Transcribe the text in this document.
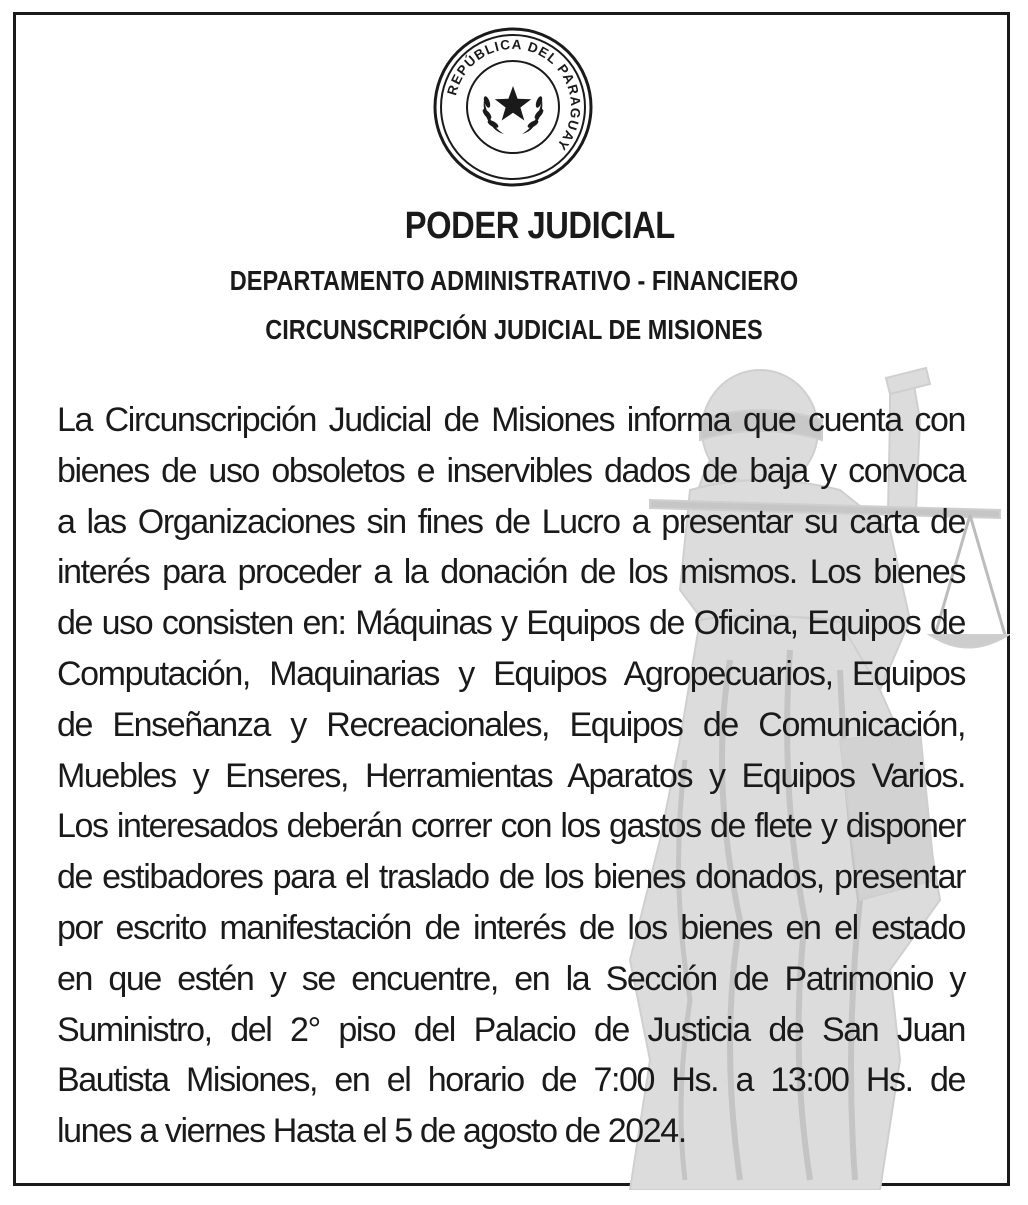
REPÚBLICA DEL PARAGUAY
PODER JUDICIAL
DEPARTAMENTO ADMINISTRATIVO - FINANCIERO
CIRCUNSCRIPCIÓN JUDICIAL DE MISIONES
La Circunscripción Judicial de Misiones informa que cuenta con
bienes de uso obsoletos e inservibles dados de baja y convoca
a las Organizaciones sin fines de Lucro a presentar su carta de
interés para proceder a la donación de los mismos. Los bienes
de uso consisten en: Máquinas y Equipos de Oficina, Equipos de
Computación, Maquinarias y Equipos Agropecuarios, Equipos
de Enseñanza y Recreacionales, Equipos de Comunicación,
Muebles y Enseres, Herramientas Aparatos y Equipos Varios.
Los interesados deberán correr con los gastos de flete y disponer
de estibadores para el traslado de los bienes donados, presentar
por escrito manifestación de interés de los bienes en el estado
en que estén y se encuentre, en la Sección de Patrimonio y
Suministro, del 2° piso del Palacio de Justicia de San Juan
Bautista Misiones, en el horario de 7:00 Hs. a 13:00 Hs. de
lunes a viernes Hasta el 5 de agosto de 2024.
